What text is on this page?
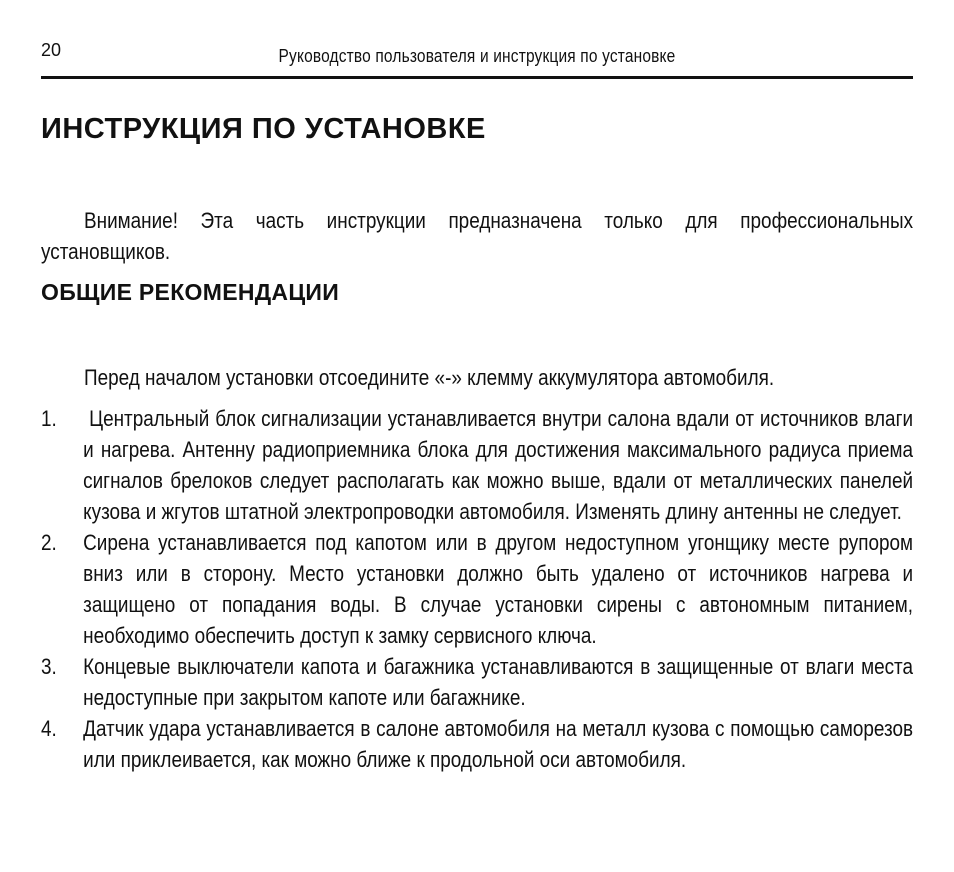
20	Руководство пользователя и инструкция по установке
ИНСТРУКЦИЯ ПО УСТАНОВКЕ

Внимание! Эта часть инструкции предназначена только для профессиональных установщиков.

ОБЩИЕ РЕКОМЕНДАЦИИ

Перед началом установки отсоедините «-» клемму аккумулятора автомобиля.

1. Центральный блок сигнализации устанавливается внутри салона вдали от источников влаги и нагрева. Антенну радиоприемника блока для достижения максимального радиуса приема сигналов брелоков следует располагать как можно выше, вдали от металлических панелей кузова и жгутов штатной электропроводки автомобиля. Изменять длину антенны не следует.
2. Сирена устанавливается под капотом или в другом недоступном угонщику месте рупором вниз или в сторону. Место установки должно быть удалено от источников нагрева и защищено от попадания воды. В случае установки сирены с автономным питанием, необходимо обеспечить доступ к замку сервисного ключа.
3. Концевые выключатели капота и багажника устанавливаются в защищенные от влаги места недоступные при закрытом капоте или багажнике.
4. Датчик удара устанавливается в салоне автомобиля на металл кузова с помощью саморезов или приклеивается, как можно ближе к продольной оси автомобиля.
